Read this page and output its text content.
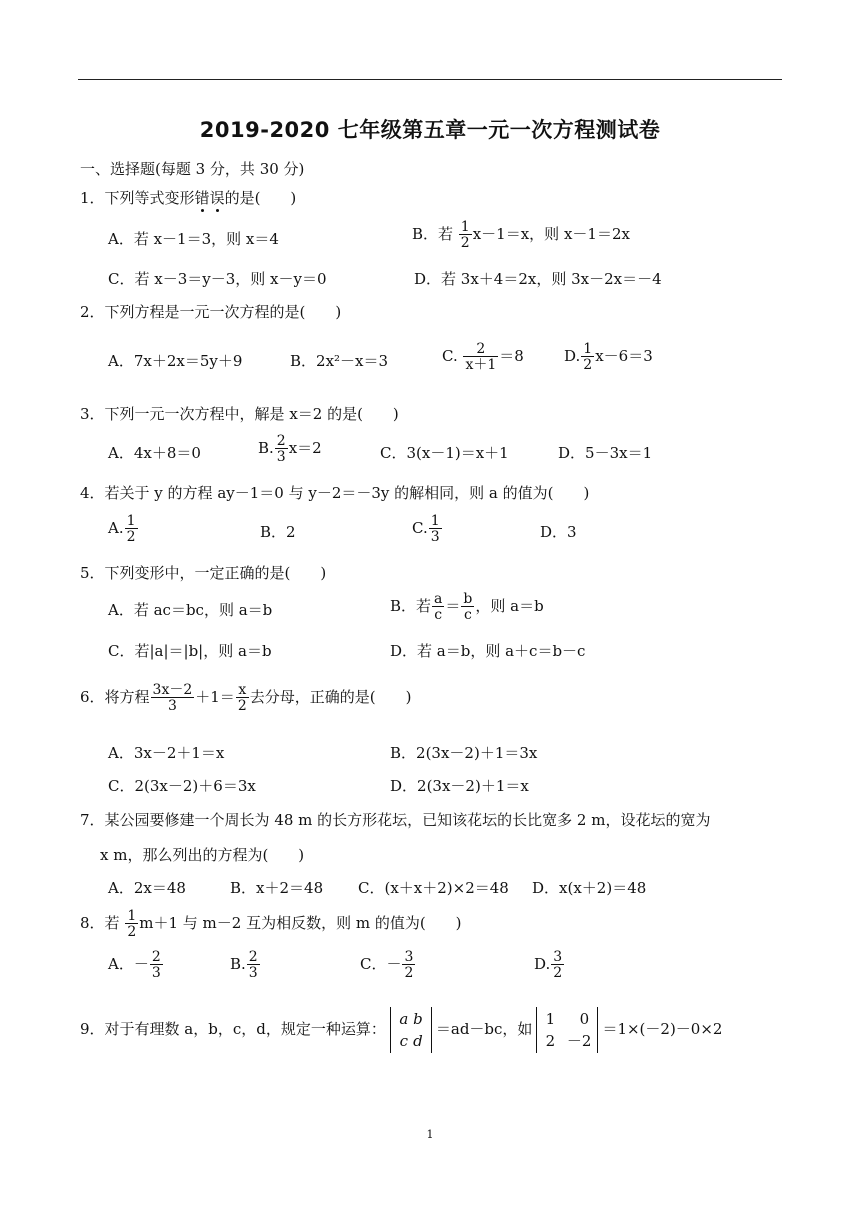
2019-2020 七年级第五章一元一次方程测试卷
一、选择题(每题 3 分，共 30 分)
1．下列等式变形错误的是(　　)
A．若 x－1＝3，则 x＝4	B．若 $\frac{1}{2} x-1=x$，则 x－1＝2x
C．若 x－3＝y－3，则 x－y＝0	D．若 3x＋4＝2x，则 3x－2x＝－4
2．下列方程是一元一次方程的是(　　)
A．7x＋2x＝5y＋9	B．2x²－x＝3	C. $\frac{2}{x+1} =8$	D. $\frac{1}{2} x-6=3$
3．下列一元一次方程中，解是 x＝2 的是(　　)
A．4x＋8＝0	B. $\frac{2}{3} x=2$	C．3(x－1)＝x＋1	D．5－3x＝1
4．若关于 y 的方程 ay－1＝0 与 y－2＝－3y 的解相同，则 a 的值为(　　)
A. $\frac{1}{2}$	B．2	C. $\frac{1}{3}$	D．3
5．下列变形中，一定正确的是(　　)
A．若 ac＝bc，则 a＝b	B．若 $\frac{a}{c} = \frac{b}{c}$ ，则 a＝b
C．若|a|＝|b|，则 a＝b	D．若 a＝b，则 a＋c＝b－c
6．将方程 $\frac{3x-2}{3} +1= \frac{x}{2}$ 去分母，正确的是(　　)
A．3x－2＋1＝x	B．2(3x－2)＋1＝3x
C．2(3x－2)＋6＝3x	D．2(3x－2)＋1＝x
7．某公园要修建一个周长为 48 m 的长方形花坛，已知该花坛的长比宽多 2 m，设花坛的宽为
x m，那么列出的方程为(　　)
A．2x＝48	B．x＋2＝48 C．(x＋x＋2)×2＝48 D．x(x＋2)＝48
8．若 $\frac{1}{2} m+1$ 与 m－2 互为相反数，则 m 的值为(　　)
A．－ $\frac{2}{3}$	B. $\frac{2}{3}$	C．－ $\frac{3}{2}$	D. $\frac{3}{2}$
9．对于有理数 a，b，c，d，规定一种运算：
a b
c d
＝ad－bc，如
1 0
2 －2
＝1×(－2)－0×2
1
